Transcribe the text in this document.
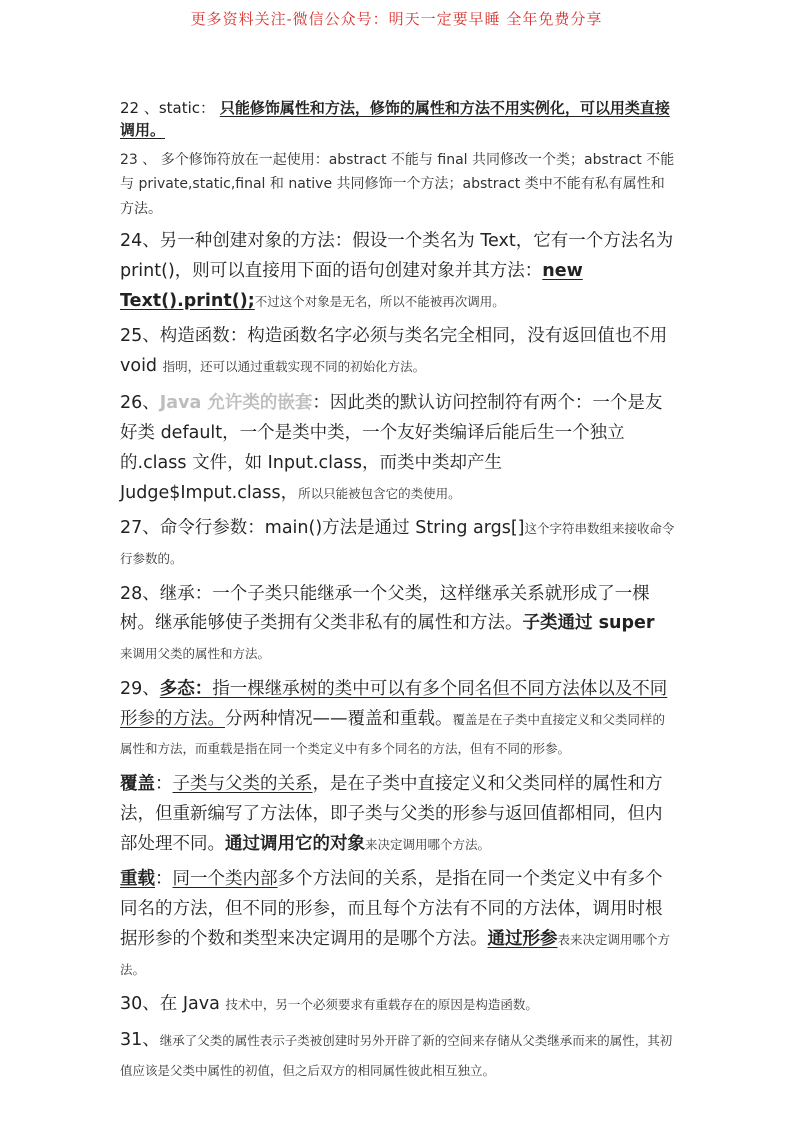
更多资料关注-微信公众号：明天一定要早睡 全年免费分享
22 、static： 只能修饰属性和方法，修饰的属性和方法不用实例化，可以用类直接调用。
23 、 多个修饰符放在一起使用：abstract 不能与 final 共同修改一个类；abstract 不能与 private,static,final 和 native 共同修饰一个方法；abstract 类中不能有私有属性和方法。
24、另一种创建对象的方法：假设一个类名为 Text，它有一个方法名为 print()，则可以直接用下面的语句创建对象并其方法：new Text().print();不过这个对象是无名，所以不能被再次调用。
25、构造函数：构造函数名字必须与类名完全相同，没有返回值也不用 void 指明，还可以通过重载实现不同的初始化方法。
26、Java 允许类的嵌套：因此类的默认访问控制符有两个：一个是友好类 default，一个是类中类，一个友好类编译后能后生一个独立的.class 文件，如 Input.class，而类中类却产生 Judge$Imput.class，所以只能被包含它的类使用。
27、命令行参数：main()方法是通过 String args[]这个字符串数组来接收命令行参数的。
28、继承：一个子类只能继承一个父类，这样继承关系就形成了一棵树。继承能够使子类拥有父类非私有的属性和方法。子类通过 super
来调用父类的属性和方法。
29、多态：指一棵继承树的类中可以有多个同名但不同方法体以及不同形参的方法。分两种情况——覆盖和重载。覆盖是在子类中直接定义和父类同样的属性和方法，而重载是指在同一个类定义中有多个同名的方法，但有不同的形参。
覆盖：子类与父类的关系，是在子类中直接定义和父类同样的属性和方法，但重新编写了方法体，即子类与父类的形参与返回值都相同，但内部处理不同。通过调用它的对象来决定调用哪个方法。
重载：同一个类内部多个方法间的关系，是指在同一个类定义中有多个同名的方法，但不同的形参，而且每个方法有不同的方法体，调用时根据形参的个数和类型来决定调用的是哪个方法。通过形参表来决定调用哪个方法。
30、在 Java 技术中，另一个必须要求有重载存在的原因是构造函数。
31、继承了父类的属性表示子类被创建时另外开辟了新的空间来存储从父类继承而来的属性，其初值应该是父类中属性的初值，但之后双方的相同属性彼此相互独立。
